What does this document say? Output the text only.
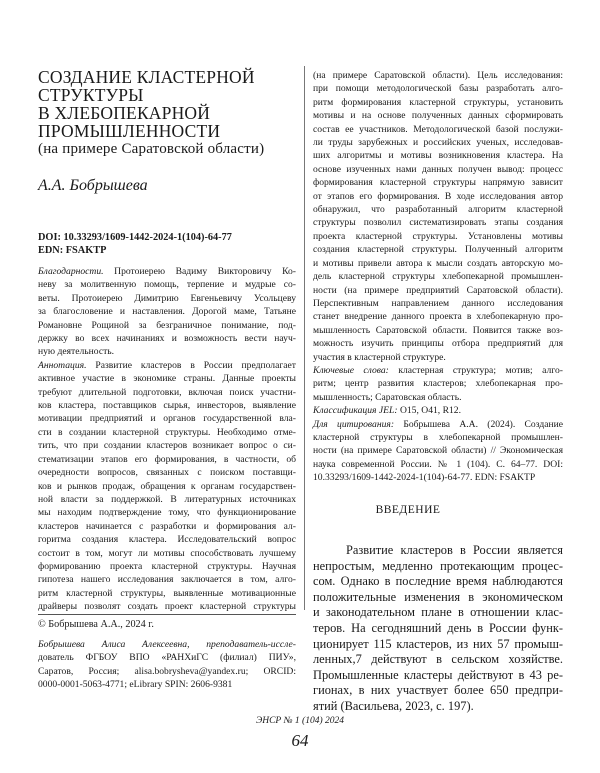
СОЗДАНИЕ КЛАСТЕРНОЙ
СТРУКТУРЫ
В ХЛЕБОПЕКАРНОЙ
ПРОМЫШЛЕННОСТИ
(на примере Саратовской области)
А.А. Бобрышева
DOI: 10.33293/1609-1442-2024-1(104)-64-77
EDN: FSAKTP
Благодарности. Протоиерею Вадиму Викторовичу Ко-
неву за молитвенную помощь, терпение и мудрые со-
веты. Протоиерею Димитрию Евгеньевичу Усольцеву
за благословение и наставления. Дорогой маме, Татьяне
Романовне Рощиной за безграничное понимание, под-
держку во всех начинаниях и возможность вести науч-
ную деятельность.
Аннотация. Развитие кластеров в России предполагает
активное участие в экономике страны. Данные проекты
требуют длительной подготовки, включая поиск участни-
ков кластера, поставщиков сырья, инвесторов, выявление
мотивации предприятий и органов государственной вла-
сти в создании кластерной структуры. Необходимо отме-
тить, что при создании кластеров возникает вопрос о си-
стематизации этапов его формирования, в частности, об
очередности вопросов, связанных с поиском поставщи-
ков и рынков продаж, обращения к органам государствен-
ной власти за поддержкой. В литературных источниках
мы находим подтверждение тому, что функционирование
кластеров начинается с разработки и формирования ал-
горитма создания кластера. Исследовательский вопрос
состоит в том, могут ли мотивы способствовать лучшему
формированию проекта кластерной структуры. Научная
гипотеза нашего исследования заключается в том, алго-
ритм кластерной структуры, выявленные мотивационные
драйверы позволят создать проект кластерной структуры
© Бобрышева А.А., 2024 г.
Бобрышева Алиса Алексеевна, преподаватель-иссле-
дователь ФГБОУ ВПО «РАНХиГС (филиал) ПИУ»,
Саратов, Россия; alisa.bobrysheva@yandex.ru; ORCID:
0000-0001-5063-4771; eLibrary SPIN: 2606-9381
(на примере Саратовской области). Цель исследования:
при помощи методологической базы разработать алго-
ритм формирования кластерной структуры, установить
мотивы и на основе полученных данных сформировать
состав ее участников. Методологической базой послужи-
ли труды зарубежных и российских ученых, исследовав-
ших алгоритмы и мотивы возникновения кластера. На
основе изученных нами данных получен вывод: процесс
формирования кластерной структуры напрямую зависит
от этапов его формирования. В ходе исследования автор
обнаружил, что разработанный алгоритм кластерной
структуры позволил систематизировать этапы создания
проекта кластерной структуры. Установлены мотивы
создания кластерной структуры. Полученный алгоритм
и мотивы привели автора к мысли создать авторскую мо-
дель кластерной структуры хлебопекарной промышлен-
ности (на примере предприятий Саратовской области).
Перспективным направлением данного исследования
станет внедрение данного проекта в хлебопекарную про-
мышленность Саратовской области. Появится также воз-
можность изучить принципы отбора предприятий для
участия в кластерной структуре.
Ключевые слова: кластерная структура; мотив; алго-
ритм; центр развития кластеров; хлебопекарная про-
мышленность; Саратовская область.
Классификация JEL: O15, O41, R12.
Для цитирования: Бобрышева А.А. (2024). Создание
кластерной структуры в хлебопекарной промышлен-
ности (на примере Саратовской области) // Экономическая
наука современной России. № 1 (104). С. 64–77. DOI:
10.33293/1609-1442-2024-1(104)-64-77. EDN: FSAKTP
ВВЕДЕНИЕ
Развитие кластеров в России является
непростым, медленно протекающим процес-
сом. Однако в последние время наблюдаются
положительные изменения в экономическом
и законодательном плане в отношении клас-
теров. На сегодняшний день в России функ-
ционирует 115 кластеров, из них 57 промыш-
ленных,7 действуют в сельском хозяйстве.
Промышленные кластеры действуют в 43 ре-
гионах, в них участвует более 650 предпри-
ятий (Васильева, 2023, с. 197).
ЭНСР № 1 (104) 2024
64
